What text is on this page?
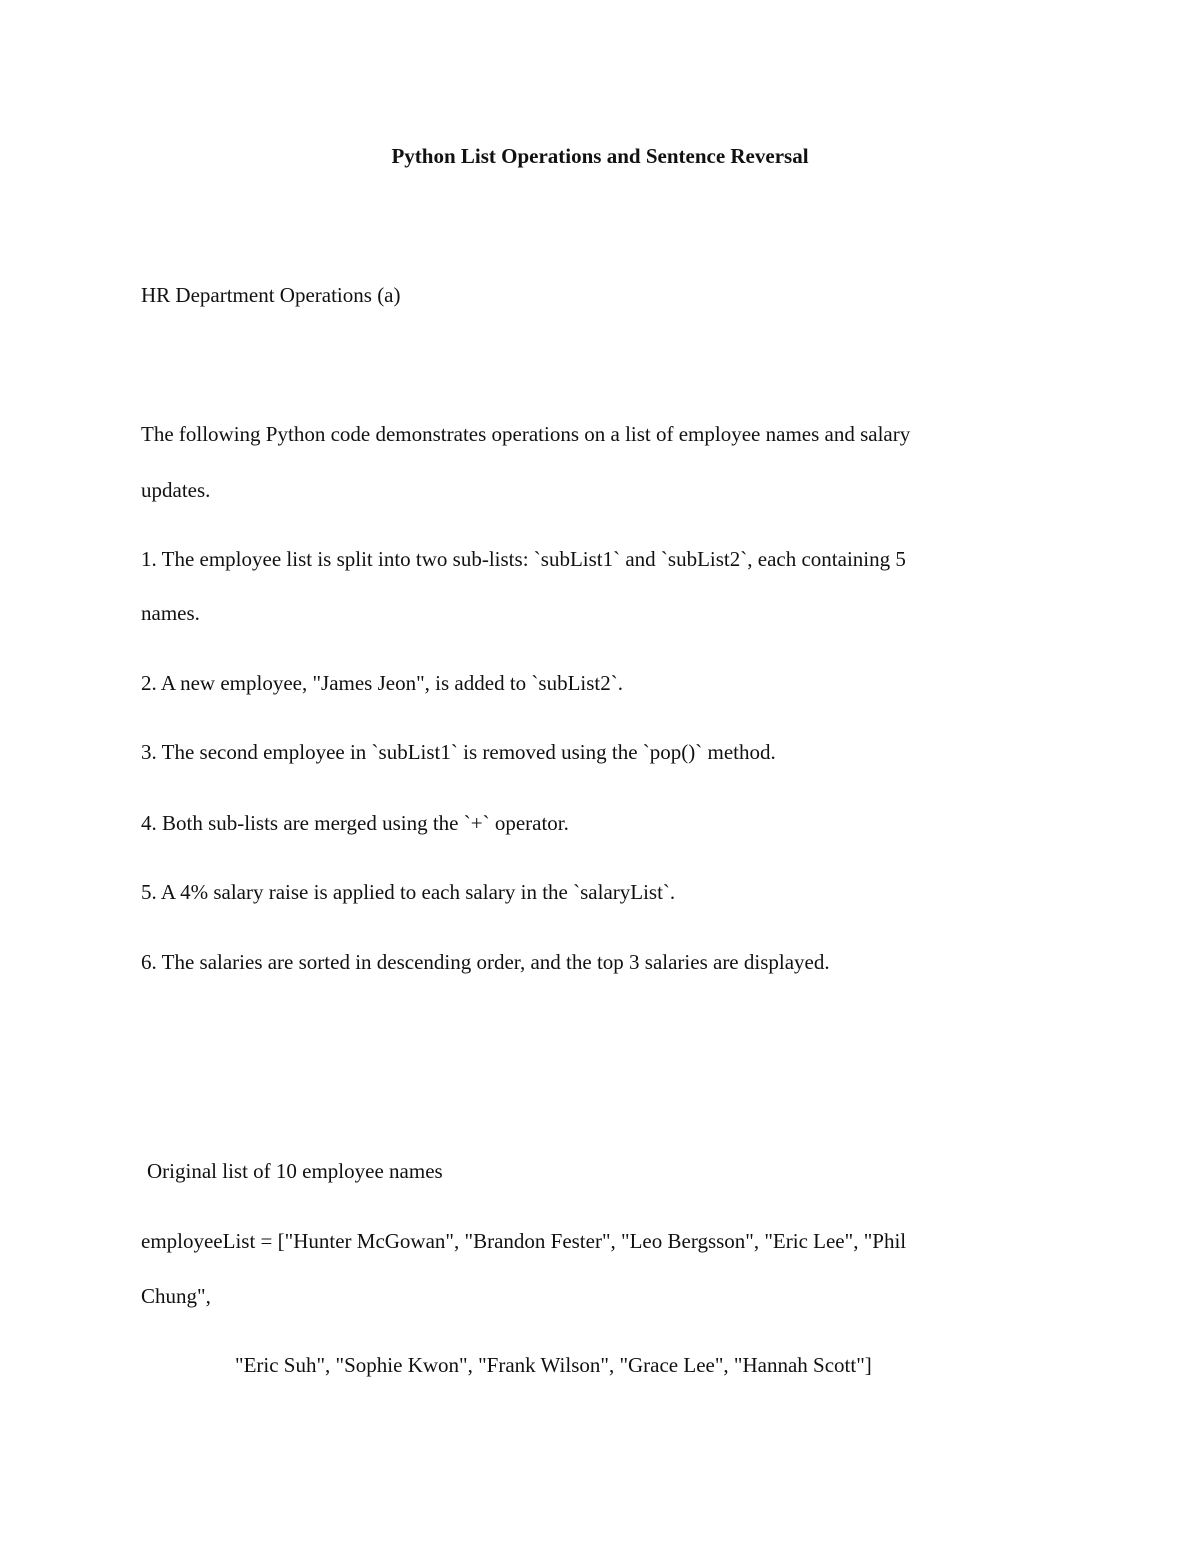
Python List Operations and Sentence Reversal
HR Department Operations (a)
The following Python code demonstrates operations on a list of employee names and salary
updates.
1. The employee list is split into two sub-lists: `subList1` and `subList2`, each containing 5
names.
2. A new employee, "James Jeon", is added to `subList2`.
3. The second employee in `subList1` is removed using the `pop()` method.
4. Both sub-lists are merged using the `+` operator.
5. A 4% salary raise is applied to each salary in the `salaryList`.
6. The salaries are sorted in descending order, and the top 3 salaries are displayed.
Original list of 10 employee names
employeeList = ["Hunter McGowan", "Brandon Fester", "Leo Bergsson", "Eric Lee", "Phil
Chung",
"Eric Suh", "Sophie Kwon", "Frank Wilson", "Grace Lee", "Hannah Scott"]
